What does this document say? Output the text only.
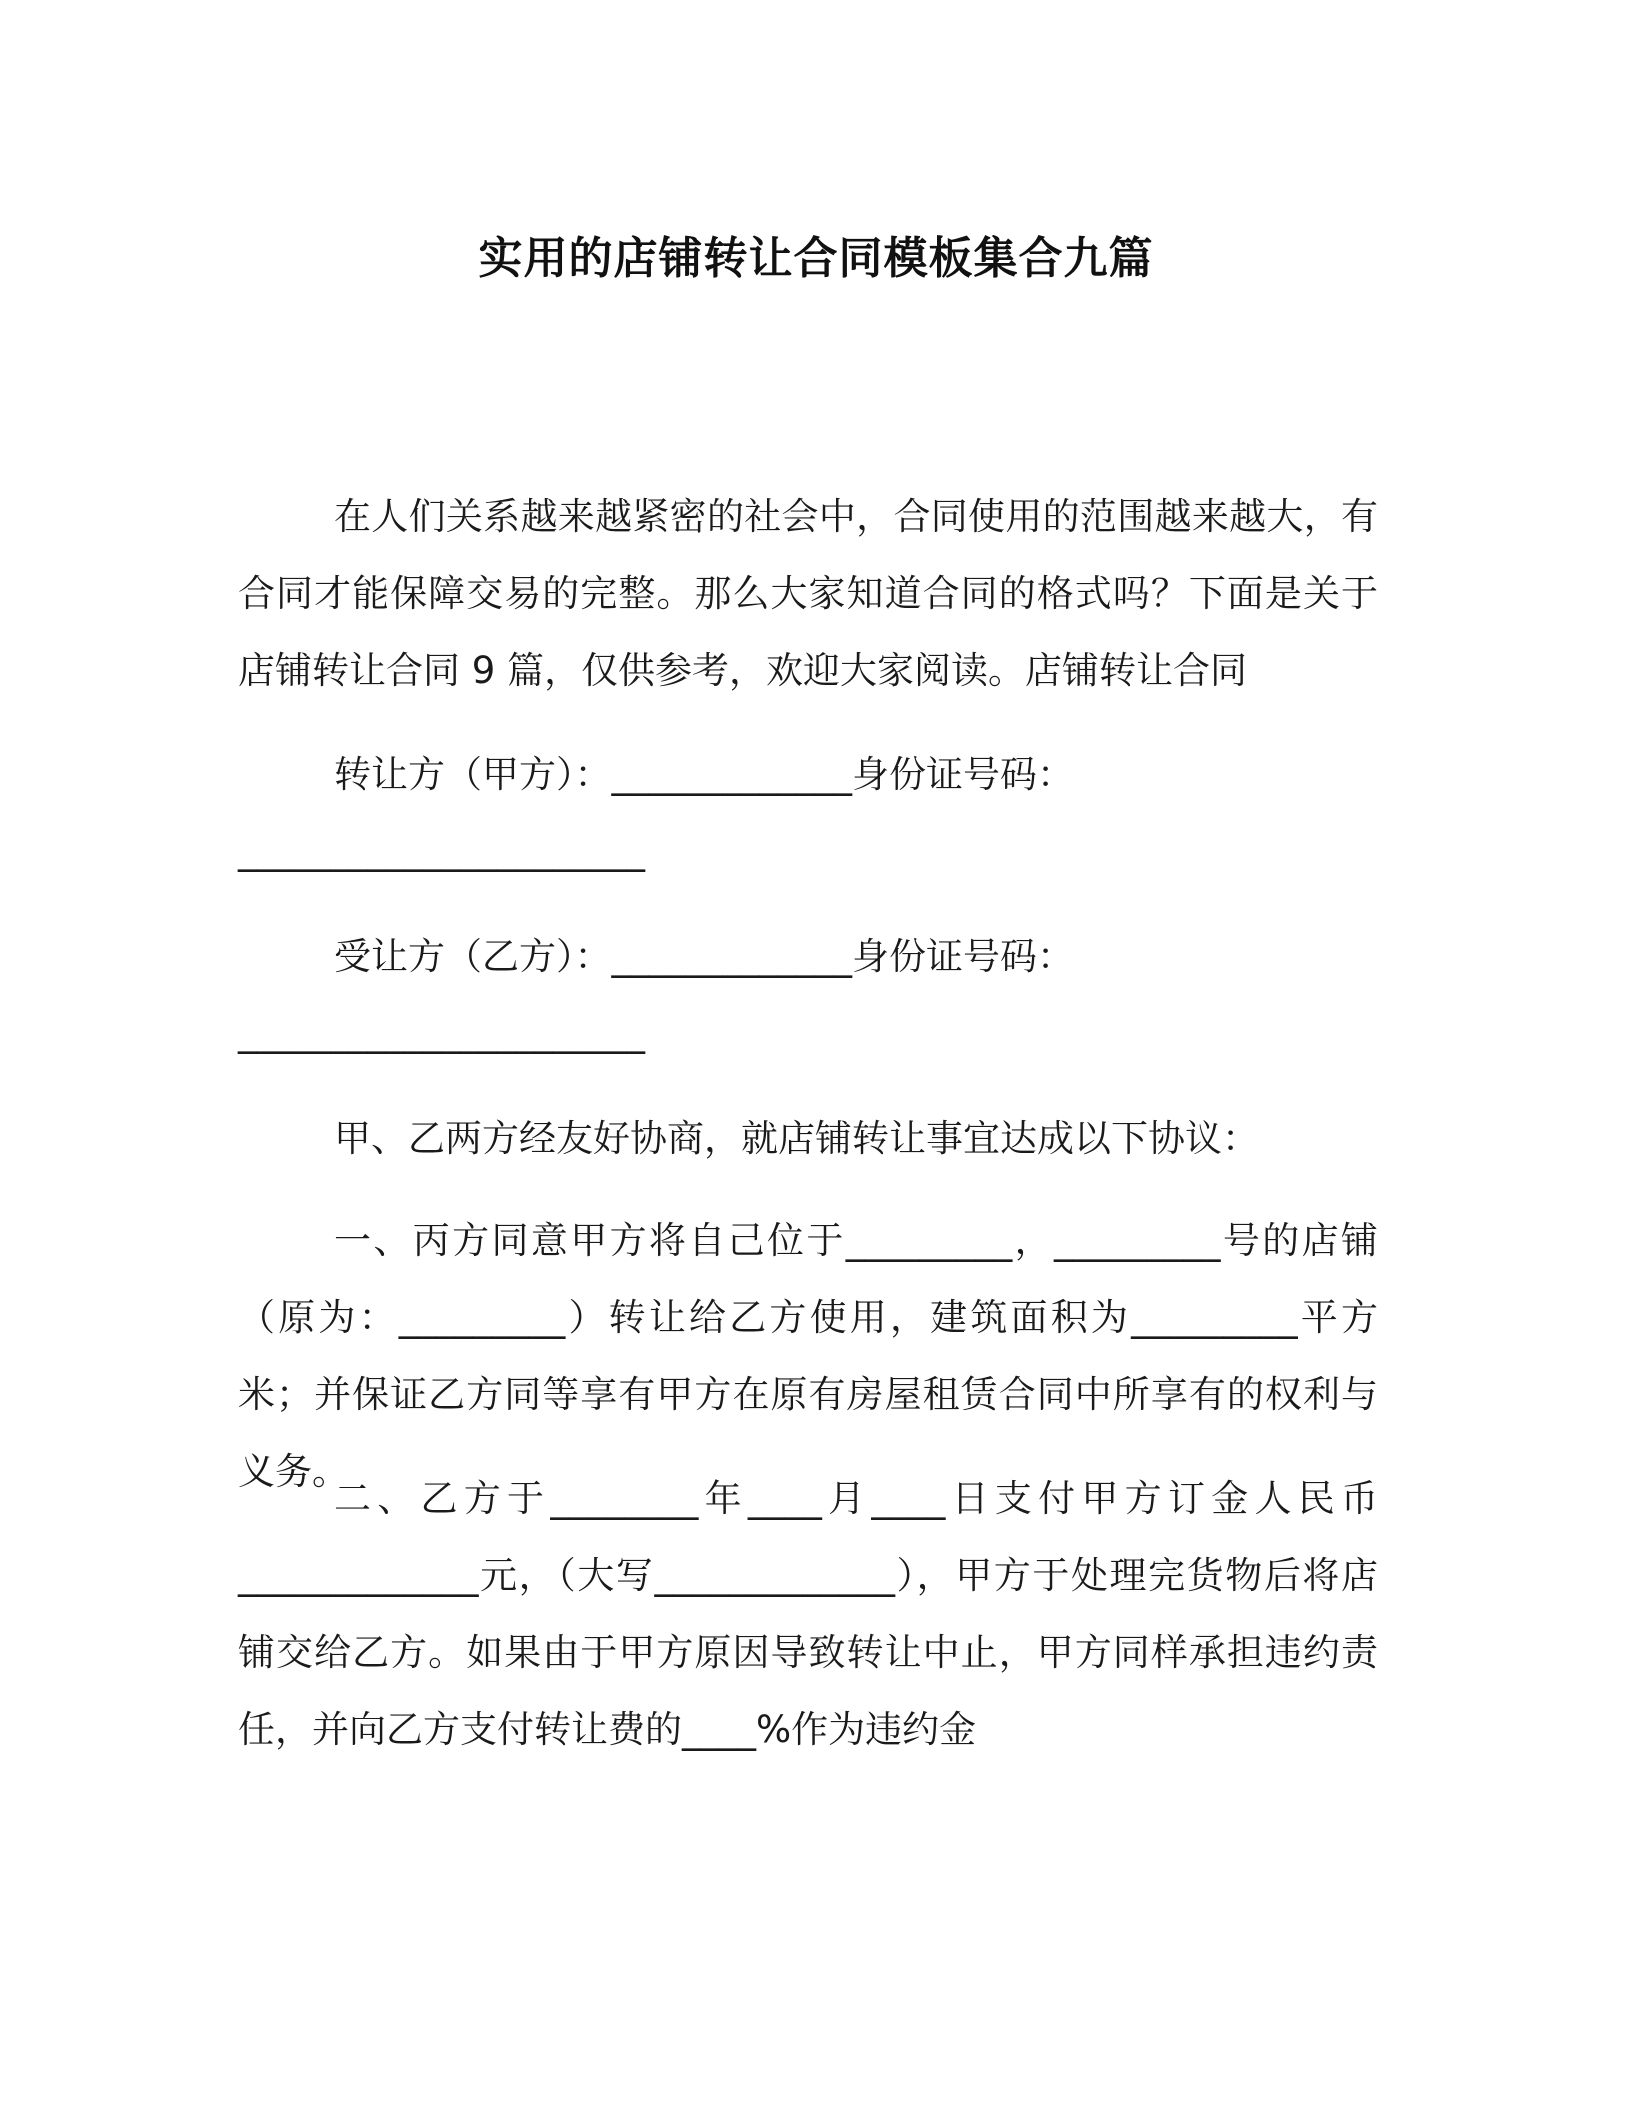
实用的店铺转让合同模板集合九篇

在人们关系越来越紧密的社会中，合同使用的范围越来越大，有合同才能保障交易的完整。那么大家知道合同的格式吗？下面是关于店铺转让合同 9 篇，仅供参考，欢迎大家阅读。店铺转让合同

转让方（甲方）：_____________身份证号码：

______________________

受让方（乙方）：_____________身份证号码：

______________________

甲、乙两方经友好协商，就店铺转让事宜达成以下协议：

一、丙方同意甲方将自己位于_________，_________号的店铺（原为：_________）转让给乙方使用，建筑面积为_________平方米；并保证乙方同等享有甲方在原有房屋租赁合同中所享有的权利与义务。

二、乙方于________年____月____日支付甲方订金人民币_____________元，（大写_____________），甲方于处理完货物后将店铺交给乙方。如果由于甲方原因导致转让中止，甲方同样承担违约责任，并向乙方支付转让费的____%作为违约金
